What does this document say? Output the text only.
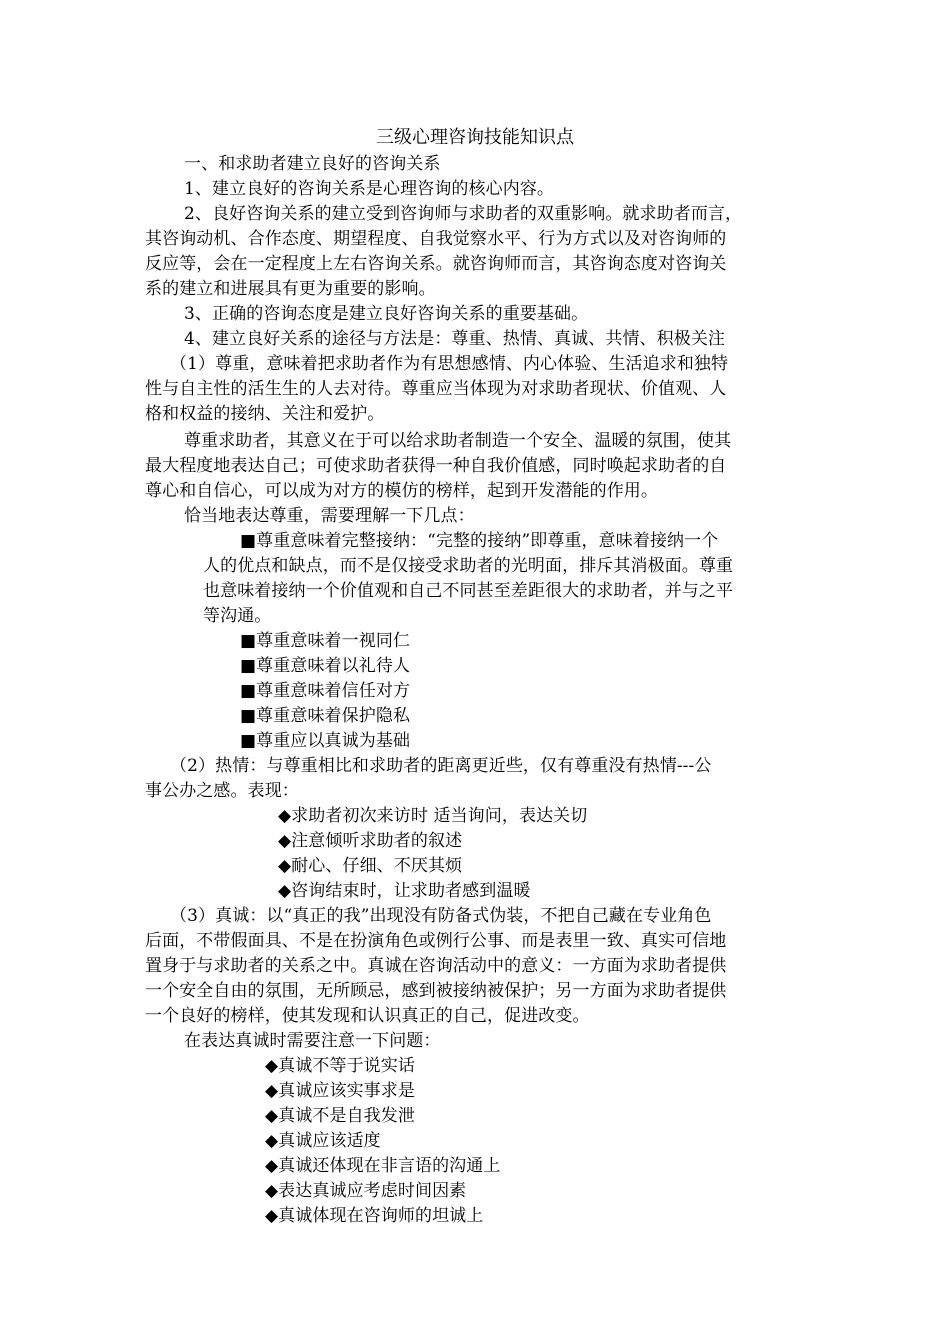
三级心理咨询技能知识点
一、和求助者建立良好的咨询关系
1、建立良好的咨询关系是心理咨询的核心内容。
2、良好咨询关系的建立受到咨询师与求助者的双重影响。就求助者而言，
其咨询动机、合作态度、期望程度、自我觉察水平、行为方式以及对咨询师的
反应等，会在一定程度上左右咨询关系。就咨询师而言，其咨询态度对咨询关
系的建立和进展具有更为重要的影响。
3、正确的咨询态度是建立良好咨询关系的重要基础。
4、建立良好关系的途径与方法是：尊重、热情、真诚、共情、积极关注
（1）尊重，意味着把求助者作为有思想感情、内心体验、生活追求和独特
性与自主性的活生生的人去对待。尊重应当体现为对求助者现状、价值观、人
格和权益的接纳、关注和爱护。
尊重求助者，其意义在于可以给求助者制造一个安全、温暖的氛围，使其
最大程度地表达自己；可使求助者获得一种自我价值感，同时唤起求助者的自
尊心和自信心，可以成为对方的模仿的榜样，起到开发潜能的作用。
恰当地表达尊重，需要理解一下几点：
■尊重意味着完整接纳：“完整的接纳”即尊重，意味着接纳一个
人的优点和缺点，而不是仅接受求助者的光明面，排斥其消极面。尊重
也意味着接纳一个价值观和自己不同甚至差距很大的求助者，并与之平
等沟通。
■尊重意味着一视同仁
■尊重意味着以礼待人
■尊重意味着信任对方
■尊重意味着保护隐私
■尊重应以真诚为基础
（2）热情：与尊重相比和求助者的距离更近些，仅有尊重没有热情---公
事公办之感。表现：
◆求助者初次来访时 适当询问，表达关切
◆注意倾听求助者的叙述
◆耐心、仔细、不厌其烦
◆咨询结束时，让求助者感到温暖
（3）真诚：以“真正的我”出现没有防备式伪装，不把自己藏在专业角色
后面，不带假面具、不是在扮演角色或例行公事、而是表里一致、真实可信地
置身于与求助者的关系之中。真诚在咨询活动中的意义：一方面为求助者提供
一个安全自由的氛围，无所顾忌，感到被接纳被保护；另一方面为求助者提供
一个良好的榜样，使其发现和认识真正的自己，促进改变。
在表达真诚时需要注意一下问题：
◆真诚不等于说实话
◆真诚应该实事求是
◆真诚不是自我发泄
◆真诚应该适度
◆真诚还体现在非言语的沟通上
◆表达真诚应考虑时间因素
◆真诚体现在咨询师的坦诚上
